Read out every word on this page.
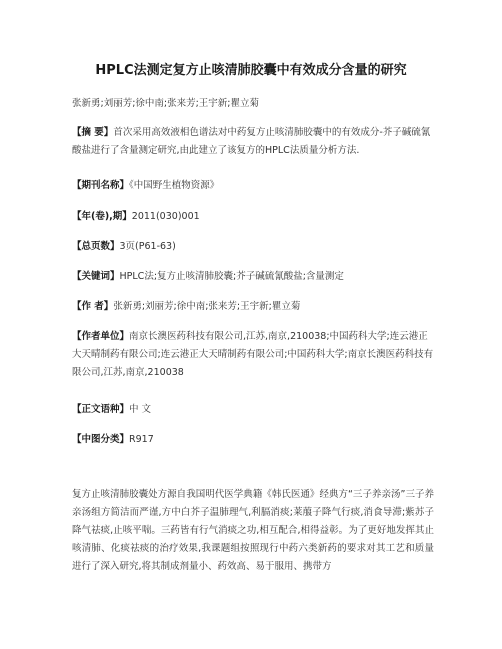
HPLC法测定复方止咳清肺胶囊中有效成分含量的研究
张新勇;刘丽芳;徐中南;张来芳;王宇新;瞿立菊
【摘 要】首次采用高效液相色谱法对中药复方止咳清肺胶囊中的有效成分-芥子碱硫氰酸盐进行了含量测定研究,由此建立了该复方的HPLC法质量分析方法.
【期刊名称】《中国野生植物资源》
【年(卷),期】2011(030)001
【总页数】3页(P61-63)
【关键词】HPLC法;复方止咳清肺胶囊;芥子碱硫氰酸盐;含量测定
【作 者】张新勇;刘丽芳;徐中南;张来芳;王宇新;瞿立菊
【作者单位】南京长澳医药科技有限公司,江苏,南京,210038;中国药科大学;连云港正大天晴制药有限公司;连云港正大天晴制药有限公司;中国药科大学;南京长澳医药科技有限公司,江苏,南京,210038
【正文语种】中 文
【中图分类】R917
复方止咳清肺胶囊处方源自我国明代医学典籍《韩氏医通》经典方“三子养亲汤”三子养亲汤组方简洁而严谨,方中白芥子温肺理气,利膈消痰;莱菔子降气行痰,消食导滞;紫苏子降气祛痰,止咳平喘。三药皆有行气消痰之功,相互配合,相得益彰。为了更好地发挥其止咳清肺、化痰祛痰的治疗效果,我课题组按照现行中药六类新药的要求对其工艺和质量进行了深入研究,将其制成剂量小、药效高、易于服用、携带方
